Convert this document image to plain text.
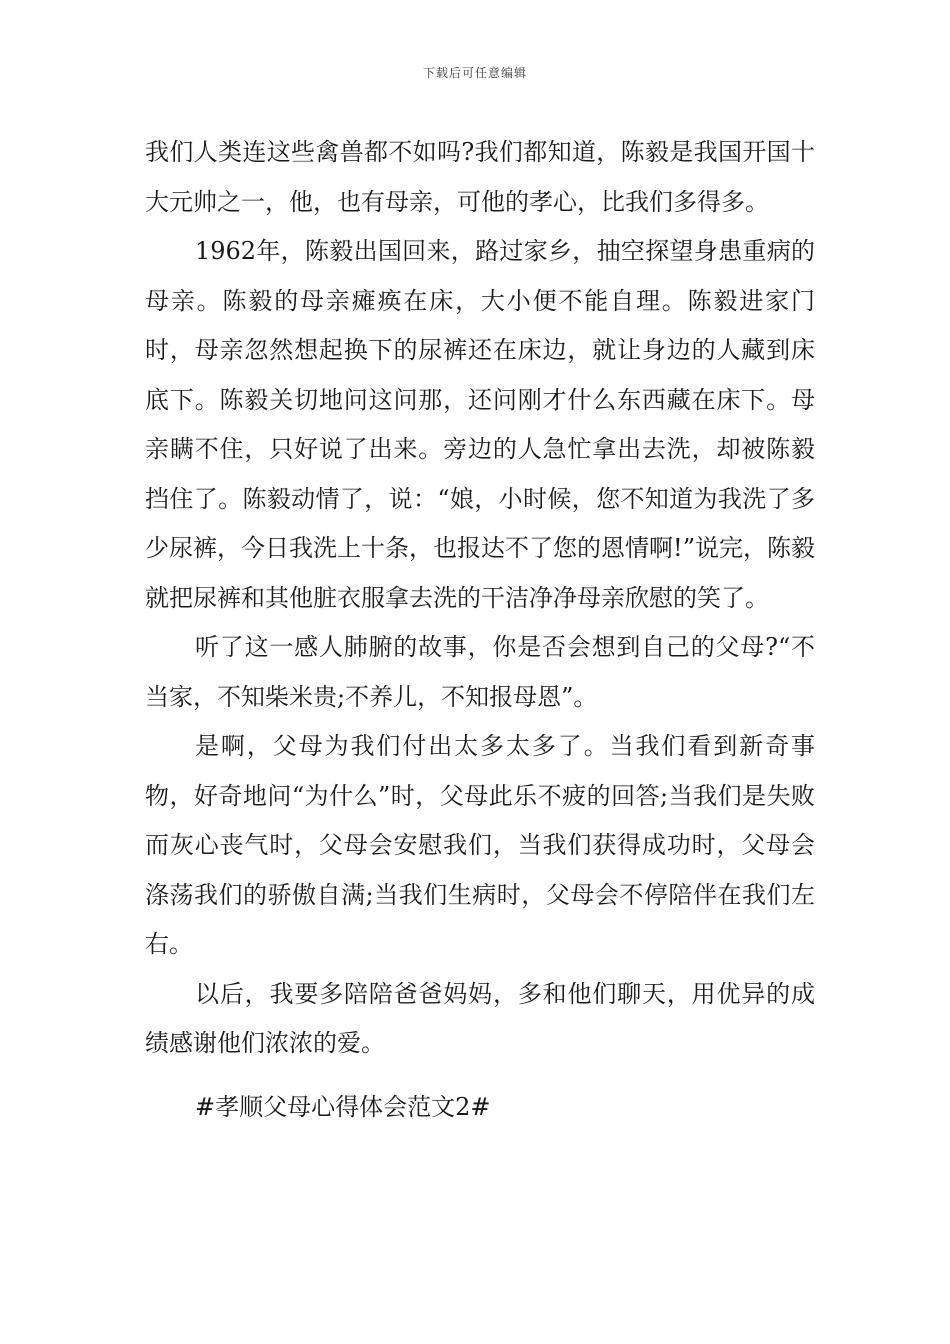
下载后可任意编辑

我们人类连这些禽兽都不如吗?我们都知道，陈毅是我国开国十大元帅之一，他，也有母亲，可他的孝心，比我们多得多。

1962年，陈毅出国回来，路过家乡，抽空探望身患重病的母亲。陈毅的母亲瘫痪在床，大小便不能自理。陈毅进家门时，母亲忽然想起换下的尿裤还在床边，就让身边的人藏到床底下。陈毅关切地问这问那，还问刚才什么东西藏在床下。母亲瞒不住，只好说了出来。旁边的人急忙拿出去洗，却被陈毅挡住了。陈毅动情了，说：“娘，小时候，您不知道为我洗了多少尿裤，今日我洗上十条，也报达不了您的恩情啊!”说完，陈毅就把尿裤和其他脏衣服拿去洗的干洁净净母亲欣慰的笑了。

听了这一感人肺腑的故事，你是否会想到自己的父母?“不当家，不知柴米贵;不养儿，不知报母恩”。

是啊，父母为我们付出太多太多了。当我们看到新奇事物，好奇地问“为什么”时，父母此乐不疲的回答;当我们是失败而灰心丧气时，父母会安慰我们，当我们获得成功时，父母会涤荡我们的骄傲自满;当我们生病时，父母会不停陪伴在我们左右。

以后，我要多陪陪爸爸妈妈，多和他们聊天，用优异的成绩感谢他们浓浓的爱。

#孝顺父母心得体会范文2#
